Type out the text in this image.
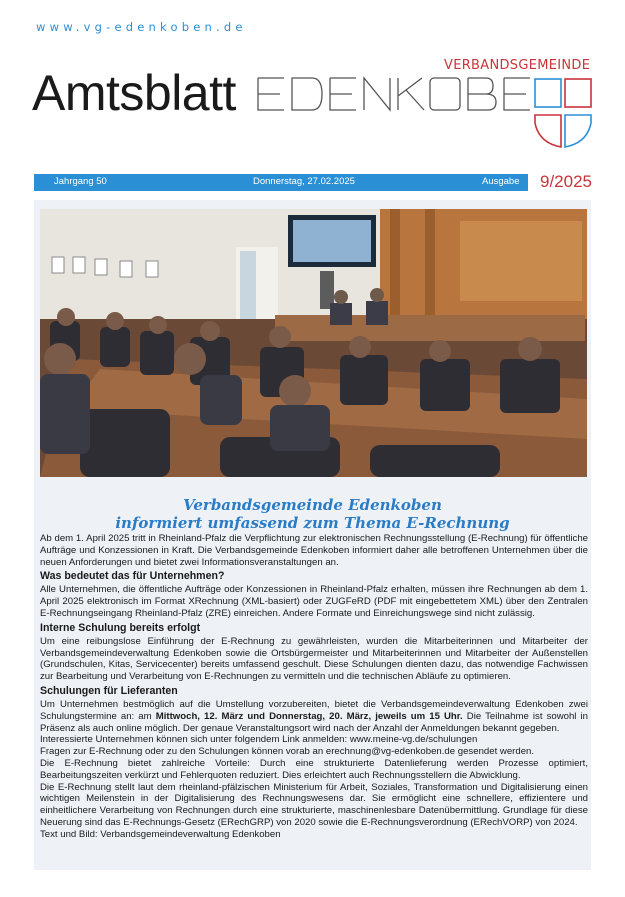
www.vg-edenkoben.de
Amtsblatt	VERBANDSGEMEINDE
Jahrgang 50	Donnerstag, 27.02.2025	Ausgabe 9/2025
Verbandsgemeinde Edenkoben
informiert umfassend zum Thema E-Rechnung

Ab dem 1. April 2025 tritt in Rheinland-Pfalz die Verpflichtung zur elektronischen Rechnungsstellung (E-Rechnung) für öffentliche Aufträge und Konzessionen in Kraft. Die Verbandsgemeinde Edenkoben informiert daher alle betroffenen Unternehmen über die neuen Anforderungen und bietet zwei Informationsveranstaltungen an.

Was bedeutet das für Unternehmen?

Alle Unternehmen, die öffentliche Aufträge oder Konzessionen in Rheinland-Pfalz erhalten, müssen ihre Rechnungen ab dem 1. April 2025 elektronisch im Format XRechnung (XML-basiert) oder ZUGFeRD (PDF mit eingebettetem XML) über den Zentralen E-Rechnungseingang Rheinland-Pfalz (ZRE) einreichen. Andere Formate und Einreichungswege sind nicht zulässig.

Interne Schulung bereits erfolgt

Um eine reibungslose Einführung der E-Rechnung zu gewährleisten, wurden die Mitarbeiterinnen und Mitarbeiter der Verbandsgemeindeverwaltung Edenkoben sowie die Ortsbürgermeister und Mitarbeiterinnen und Mitarbeiter der Außenstellen (Grundschulen, Kitas, Servicecenter) bereits umfassend geschult. Diese Schulungen dienten dazu, das notwendige Fachwissen zur Bearbeitung und Verarbeitung von E-Rechnungen zu vermitteln und die technischen Abläufe zu optimieren.

Schulungen für Lieferanten

Um Unternehmen bestmöglich auf die Umstellung vorzubereiten, bietet die Verbandsgemeindeverwaltung Edenkoben zwei Schulungstermine an: am Mittwoch, 12. März und Donnerstag, 20. März, jeweils um 15 Uhr. Die Teilnahme ist sowohl in Präsenz als auch online möglich. Der genaue Veranstaltungsort wird nach der Anzahl der Anmeldungen bekannt gegeben.

Interessierte Unternehmen können sich unter folgendem Link anmelden: www.meine-vg.de/schulungen

Fragen zur E-Rechnung oder zu den Schulungen können vorab an erechnung@vg-edenkoben.de gesendet werden.

Die E-Rechnung bietet zahlreiche Vorteile: Durch eine strukturierte Datenlieferung werden Prozesse optimiert, Bearbeitungszeiten verkürzt und Fehlerquoten reduziert. Dies erleichtert auch Rechnungsstellern die Abwicklung.

Die E-Rechnung stellt laut dem rheinland-pfälzischen Ministerium für Arbeit, Soziales, Transformation und Digitalisierung einen wichtigen Meilenstein in der Digitalisierung des Rechnungswesens dar. Sie ermöglicht eine schnellere, effizientere und einheitlichere Verarbeitung von Rechnungen durch eine strukturierte, maschinenlesbare Datenübermittlung. Grundlage für diese Neuerung sind das E-Rechnungs-Gesetz (ERechGRP) von 2020 sowie die E-Rechnungsverordnung (ERechVORP) von 2024.

Text und Bild: Verbandsgemeindeverwaltung Edenkoben
